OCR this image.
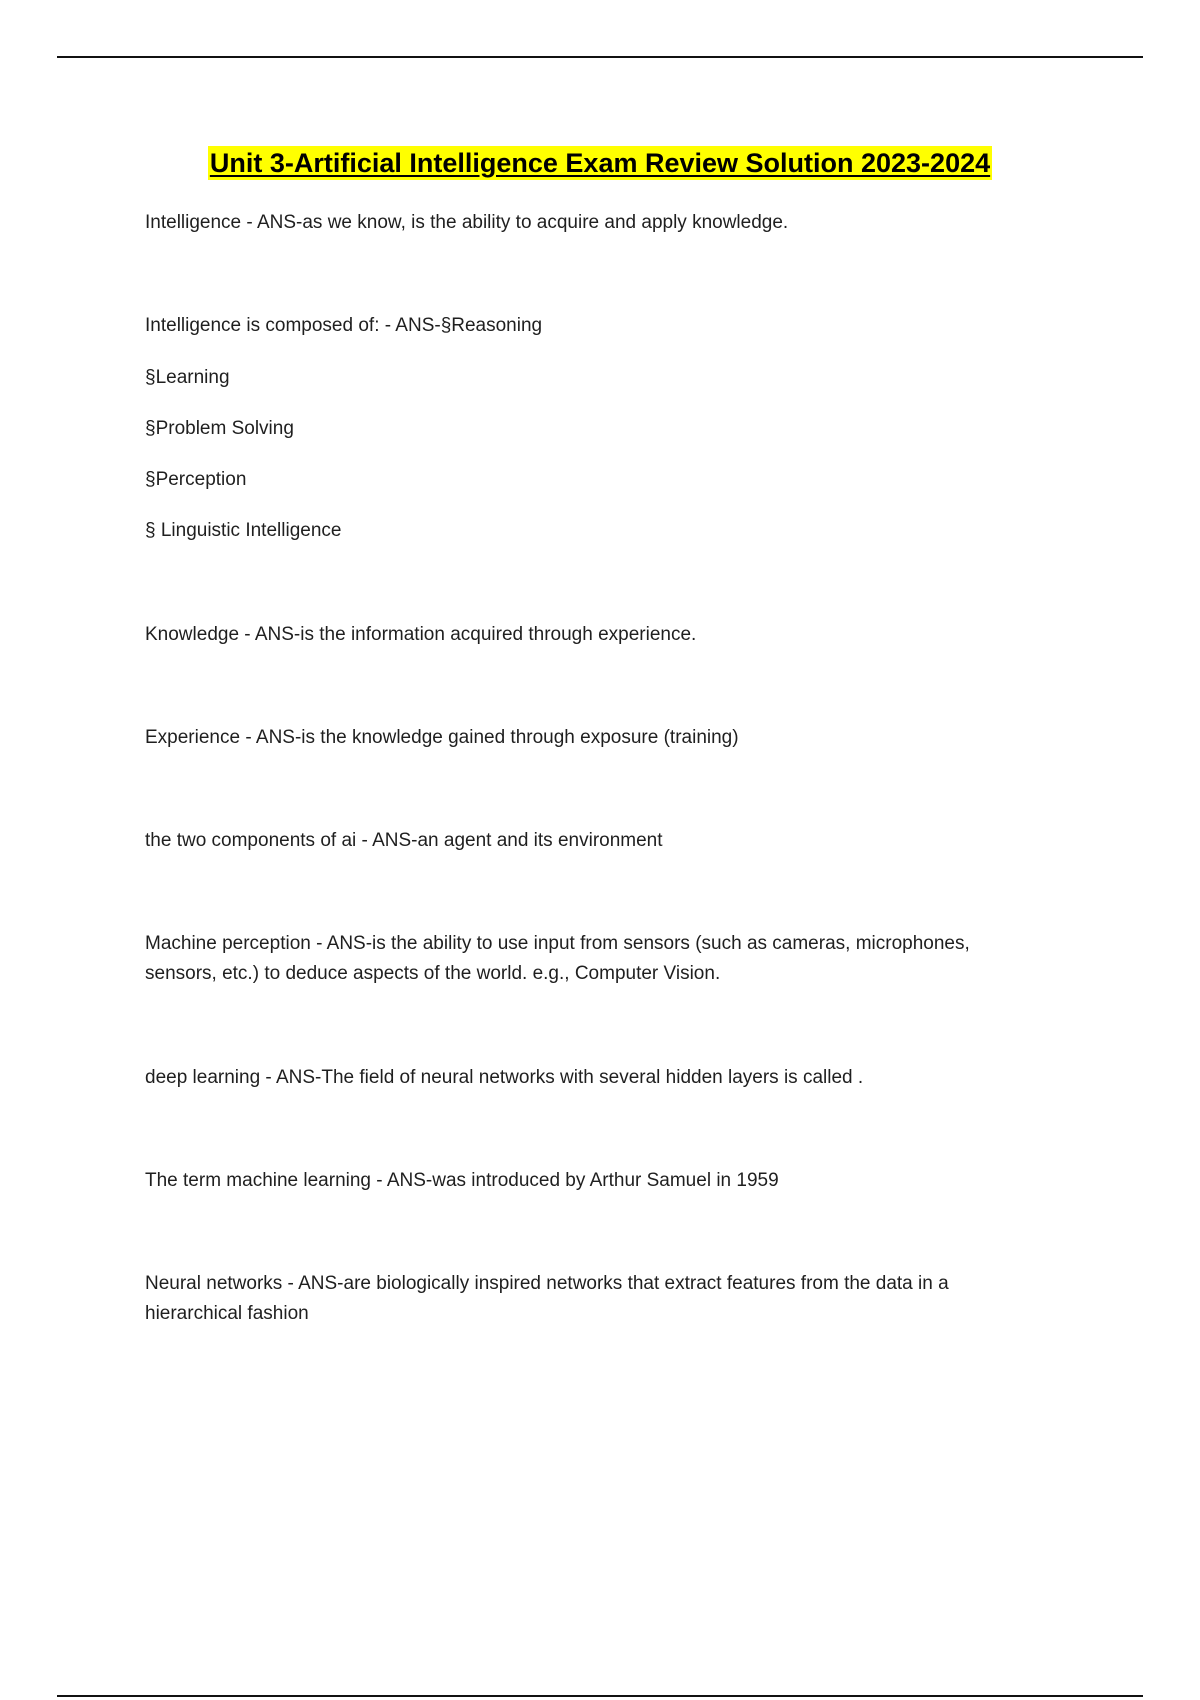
Unit 3-Artificial Intelligence Exam Review Solution 2023-2024
Intelligence - ANS-as we know, is the ability to acquire and apply knowledge.
Intelligence is composed of: - ANS-§Reasoning
§Learning
§Problem Solving
§Perception
§ Linguistic Intelligence
Knowledge - ANS-is the information acquired through experience.
Experience - ANS-is the knowledge gained through exposure (training)
the two components of ai - ANS-an agent and its environment
Machine perception - ANS-is the ability to use input from sensors (such as cameras, microphones, sensors, etc.) to deduce aspects of the world. e.g., Computer Vision.
deep learning - ANS-The field of neural networks with several hidden layers is called .
The term machine learning - ANS-was introduced by Arthur Samuel in 1959
Neural networks - ANS-are biologically inspired networks that extract features from the data in a hierarchical fashion
